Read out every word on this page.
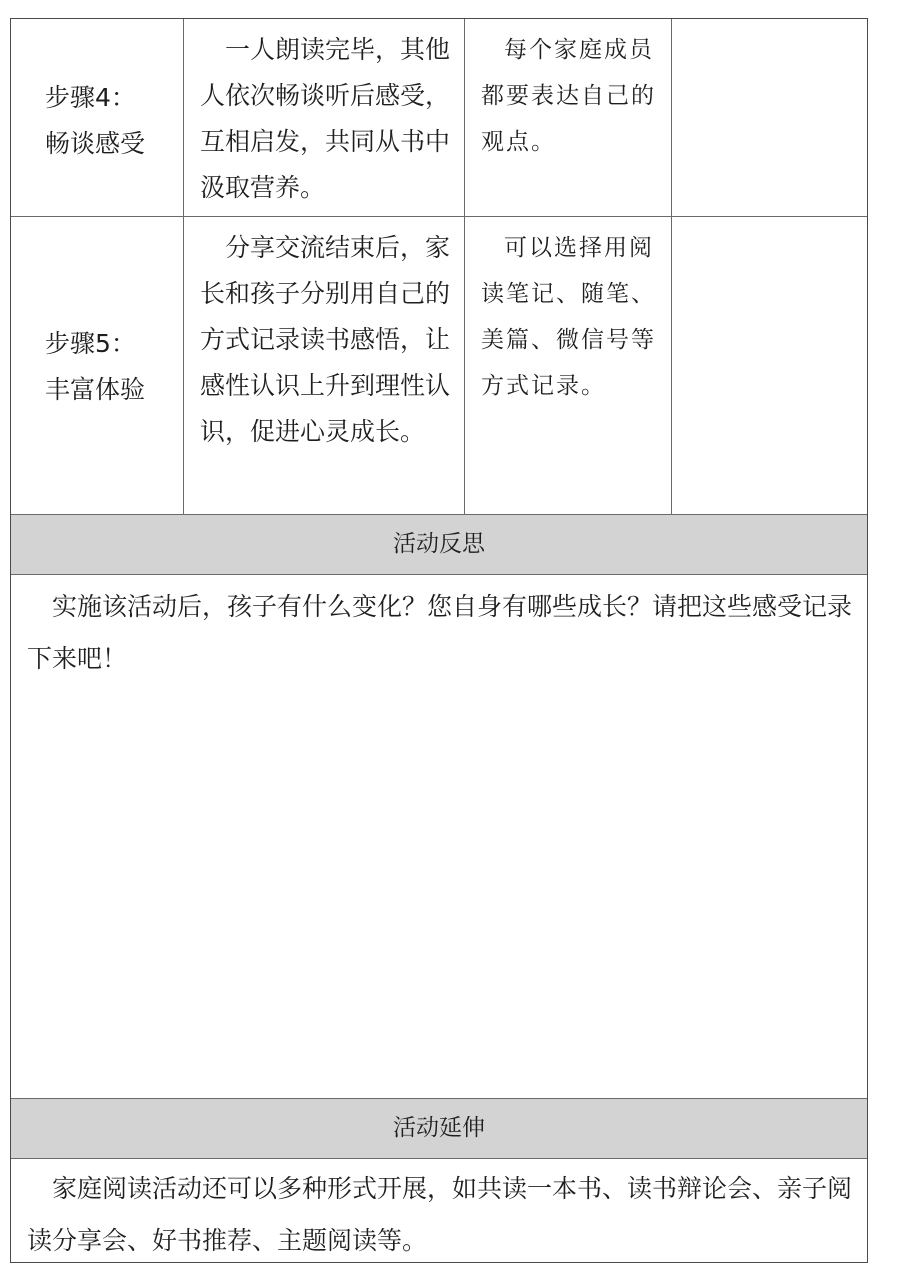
步骤4：
畅谈感受

一人朗读完毕，其他人依次畅谈听后感受，互相启发，共同从书中汲取营养。

每个家庭成员都要表达自己的观点。

步骤5：
丰富体验

分享交流结束后，家长和孩子分别用自己的方式记录读书感悟，让感性认识上升到理性认识，促进心灵成长。

可以选择用阅读笔记、随笔、美篇、微信号等方式记录。

活动反思

实施该活动后，孩子有什么变化？您自身有哪些成长？请把这些感受记录下来吧！

活动延伸

家庭阅读活动还可以多种形式开展，如共读一本书、读书辩论会、亲子阅读分享会、好书推荐、主题阅读等。
